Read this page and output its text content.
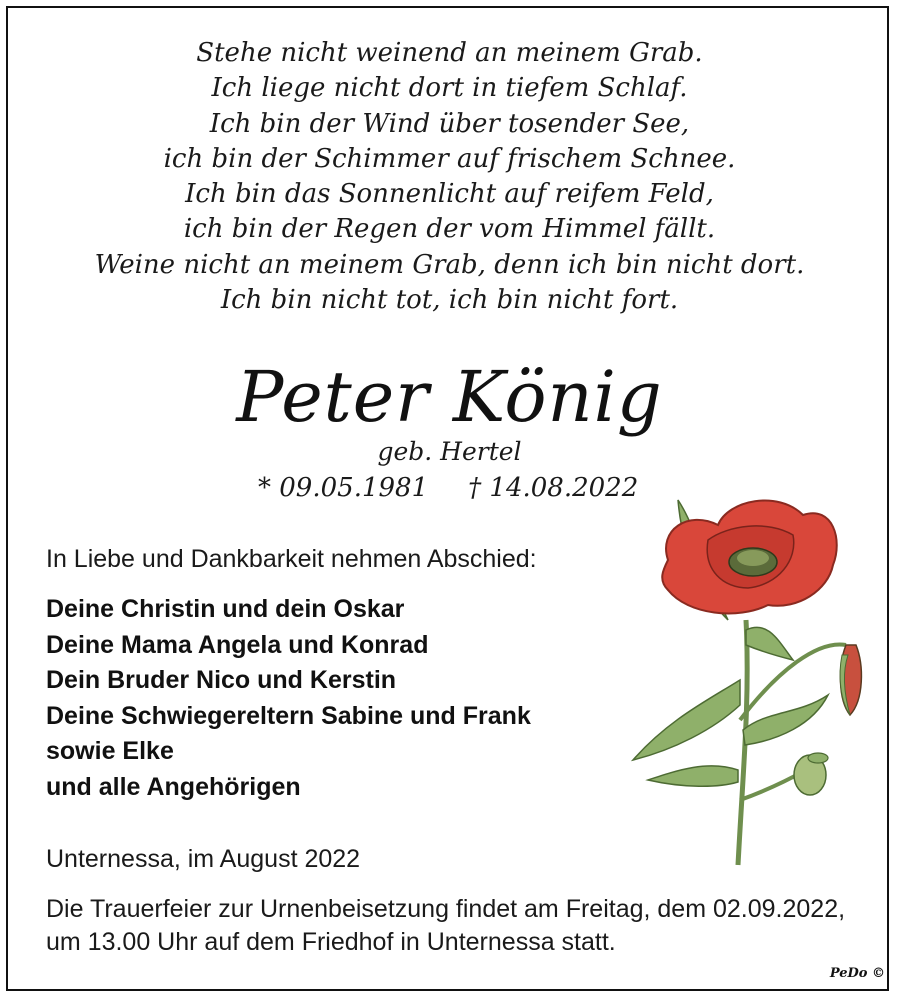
Stehe nicht weinend an meinem Grab.
Ich liege nicht dort in tiefem Schlaf.
Ich bin der Wind über tosender See,
ich bin der Schimmer auf frischem Schnee.
Ich bin das Sonnenlicht auf reifem Feld,
ich bin der Regen der vom Himmel fällt.
Weine nicht an meinem Grab, denn ich bin nicht dort.
Ich bin nicht tot, ich bin nicht fort.
Peter König
geb. Hertel
* 09.05.1981 † 14.08.2022
In Liebe und Dankbarkeit nehmen Abschied:
Deine Christin und dein Oskar
Deine Mama Angela und Konrad
Dein Bruder Nico und Kerstin
Deine Schwiegereltern Sabine und Frank
sowie Elke
und alle Angehörigen
Unternessa, im August 2022
Die Trauerfeier zur Urnenbeisetzung findet am Freitag, dem 02.09.2022, um 13.00 Uhr auf dem Friedhof in Unternessa statt.
PeDo ©
